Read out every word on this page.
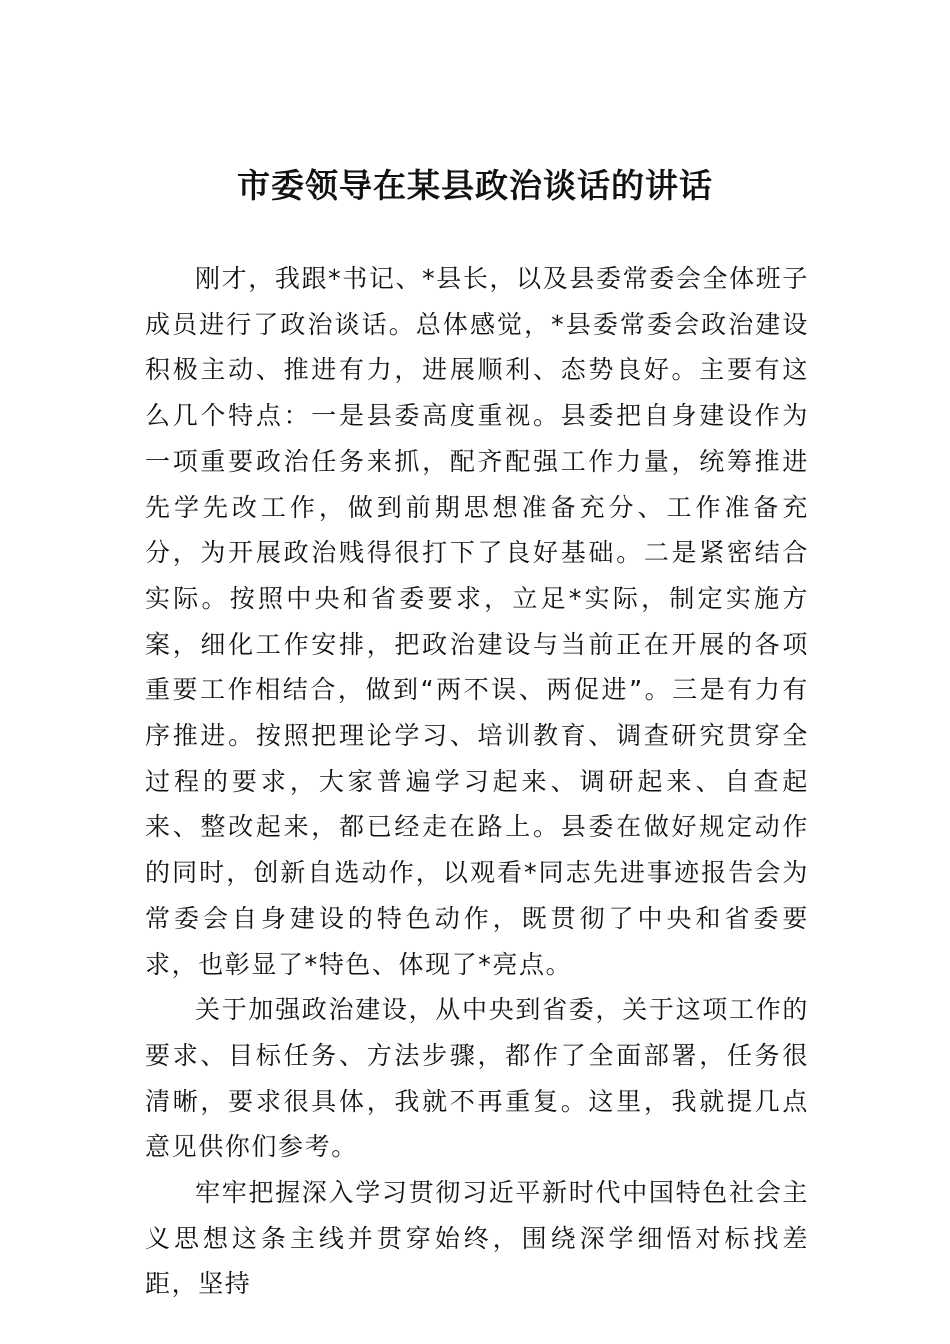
市委领导在某县政治谈话的讲话

刚才，我跟*书记、*县长，以及县委常委会全体班子成员进行了政治谈话。总体感觉，*县委常委会政治建设积极主动、推进有力，进展顺利、态势良好。主要有这么几个特点：一是县委高度重视。县委把自身建设作为一项重要政治任务来抓，配齐配强工作力量，统筹推进先学先改工作，做到前期思想准备充分、工作准备充分，为开展政治贱得很打下了良好基础。二是紧密结合实际。按照中央和省委要求，立足*实际，制定实施方案，细化工作安排，把政治建设与当前正在开展的各项重要工作相结合，做到“两不误、两促进”。三是有力有序推进。按照把理论学习、培训教育、调查研究贯穿全过程的要求，大家普遍学习起来、调研起来、自查起来、整改起来，都已经走在路上。县委在做好规定动作的同时，创新自选动作，以观看*同志先进事迹报告会为常委会自身建设的特色动作，既贯彻了中央和省委要求，也彰显了*特色、体现了*亮点。

关于加强政治建设，从中央到省委，关于这项工作的要求、目标任务、方法步骤，都作了全面部署，任务很清晰，要求很具体，我就不再重复。这里，我就提几点意见供你们参考。

牢牢把握深入学习贯彻习近平新时代中国特色社会主义思想这条主线并贯穿始终，围绕深学细悟对标找差距，坚持
